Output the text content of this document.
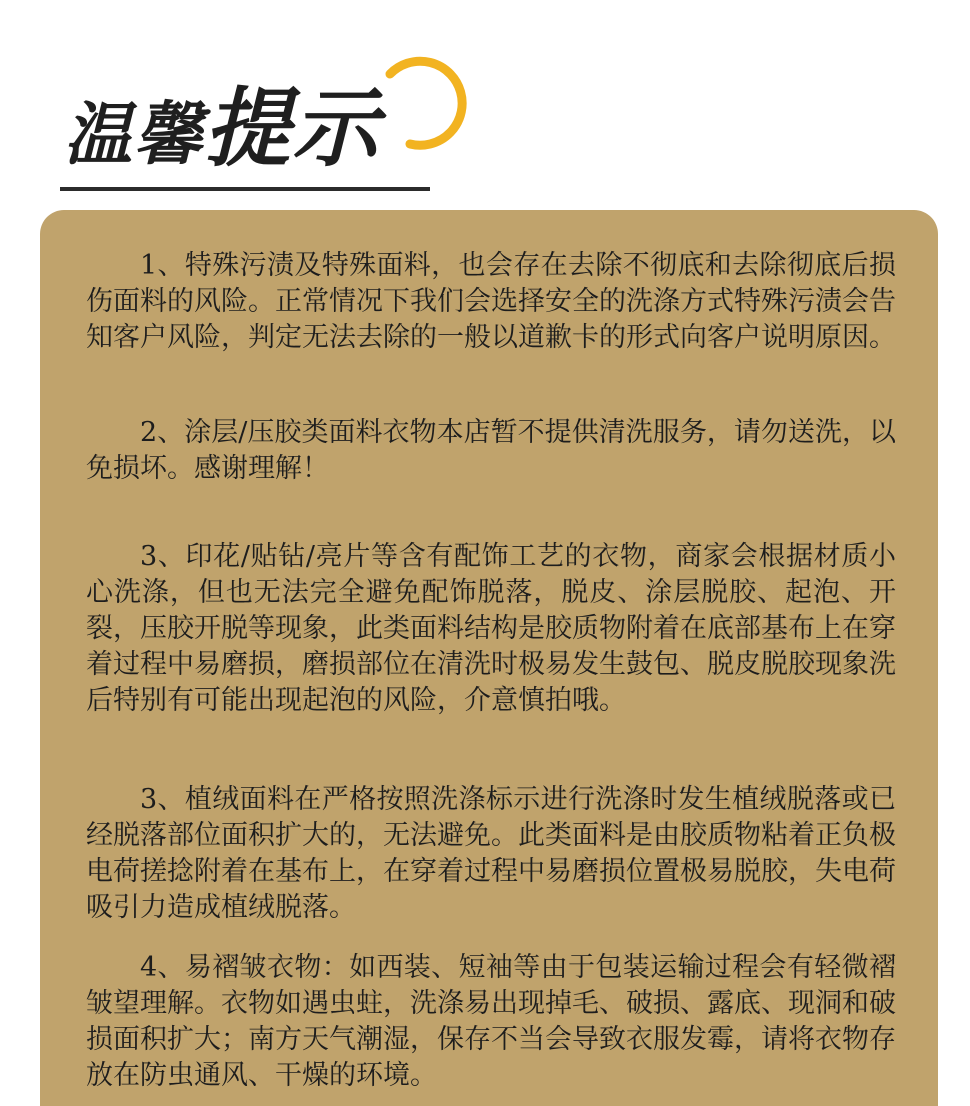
温馨提示

1、特殊污渍及特殊面料，也会存在去除不彻底和去除彻底后损伤面料的风险。正常情况下我们会选择安全的洗涤方式特殊污渍会告知客户风险，判定无法去除的一般以道歉卡的形式向客户说明原因。

2、涂层/压胶类面料衣物本店暂不提供清洗服务，请勿送洗，以免损坏。感谢理解！

3、印花/贴钻/亮片等含有配饰工艺的衣物，商家会根据材质小心洗涤，但也无法完全避免配饰脱落，脱皮、涂层脱胶、起泡、开裂，压胶开脱等现象，此类面料结构是胶质物附着在底部基布上在穿着过程中易磨损，磨损部位在清洗时极易发生鼓包、脱皮脱胶现象洗后特别有可能出现起泡的风险，介意慎拍哦。

3、植绒面料在严格按照洗涤标示进行洗涤时发生植绒脱落或已经脱落部位面积扩大的，无法避免。此类面料是由胶质物粘着正负极电荷搓捻附着在基布上，在穿着过程中易磨损位置极易脱胶，失电荷吸引力造成植绒脱落。

4、易褶皱衣物：如西装、短袖等由于包装运输过程会有轻微褶皱望理解。衣物如遇虫蛀，洗涤易出现掉毛、破损、露底、现洞和破损面积扩大；南方天气潮湿，保存不当会导致衣服发霉，请将衣物存放在防虫通风、干燥的环境。
